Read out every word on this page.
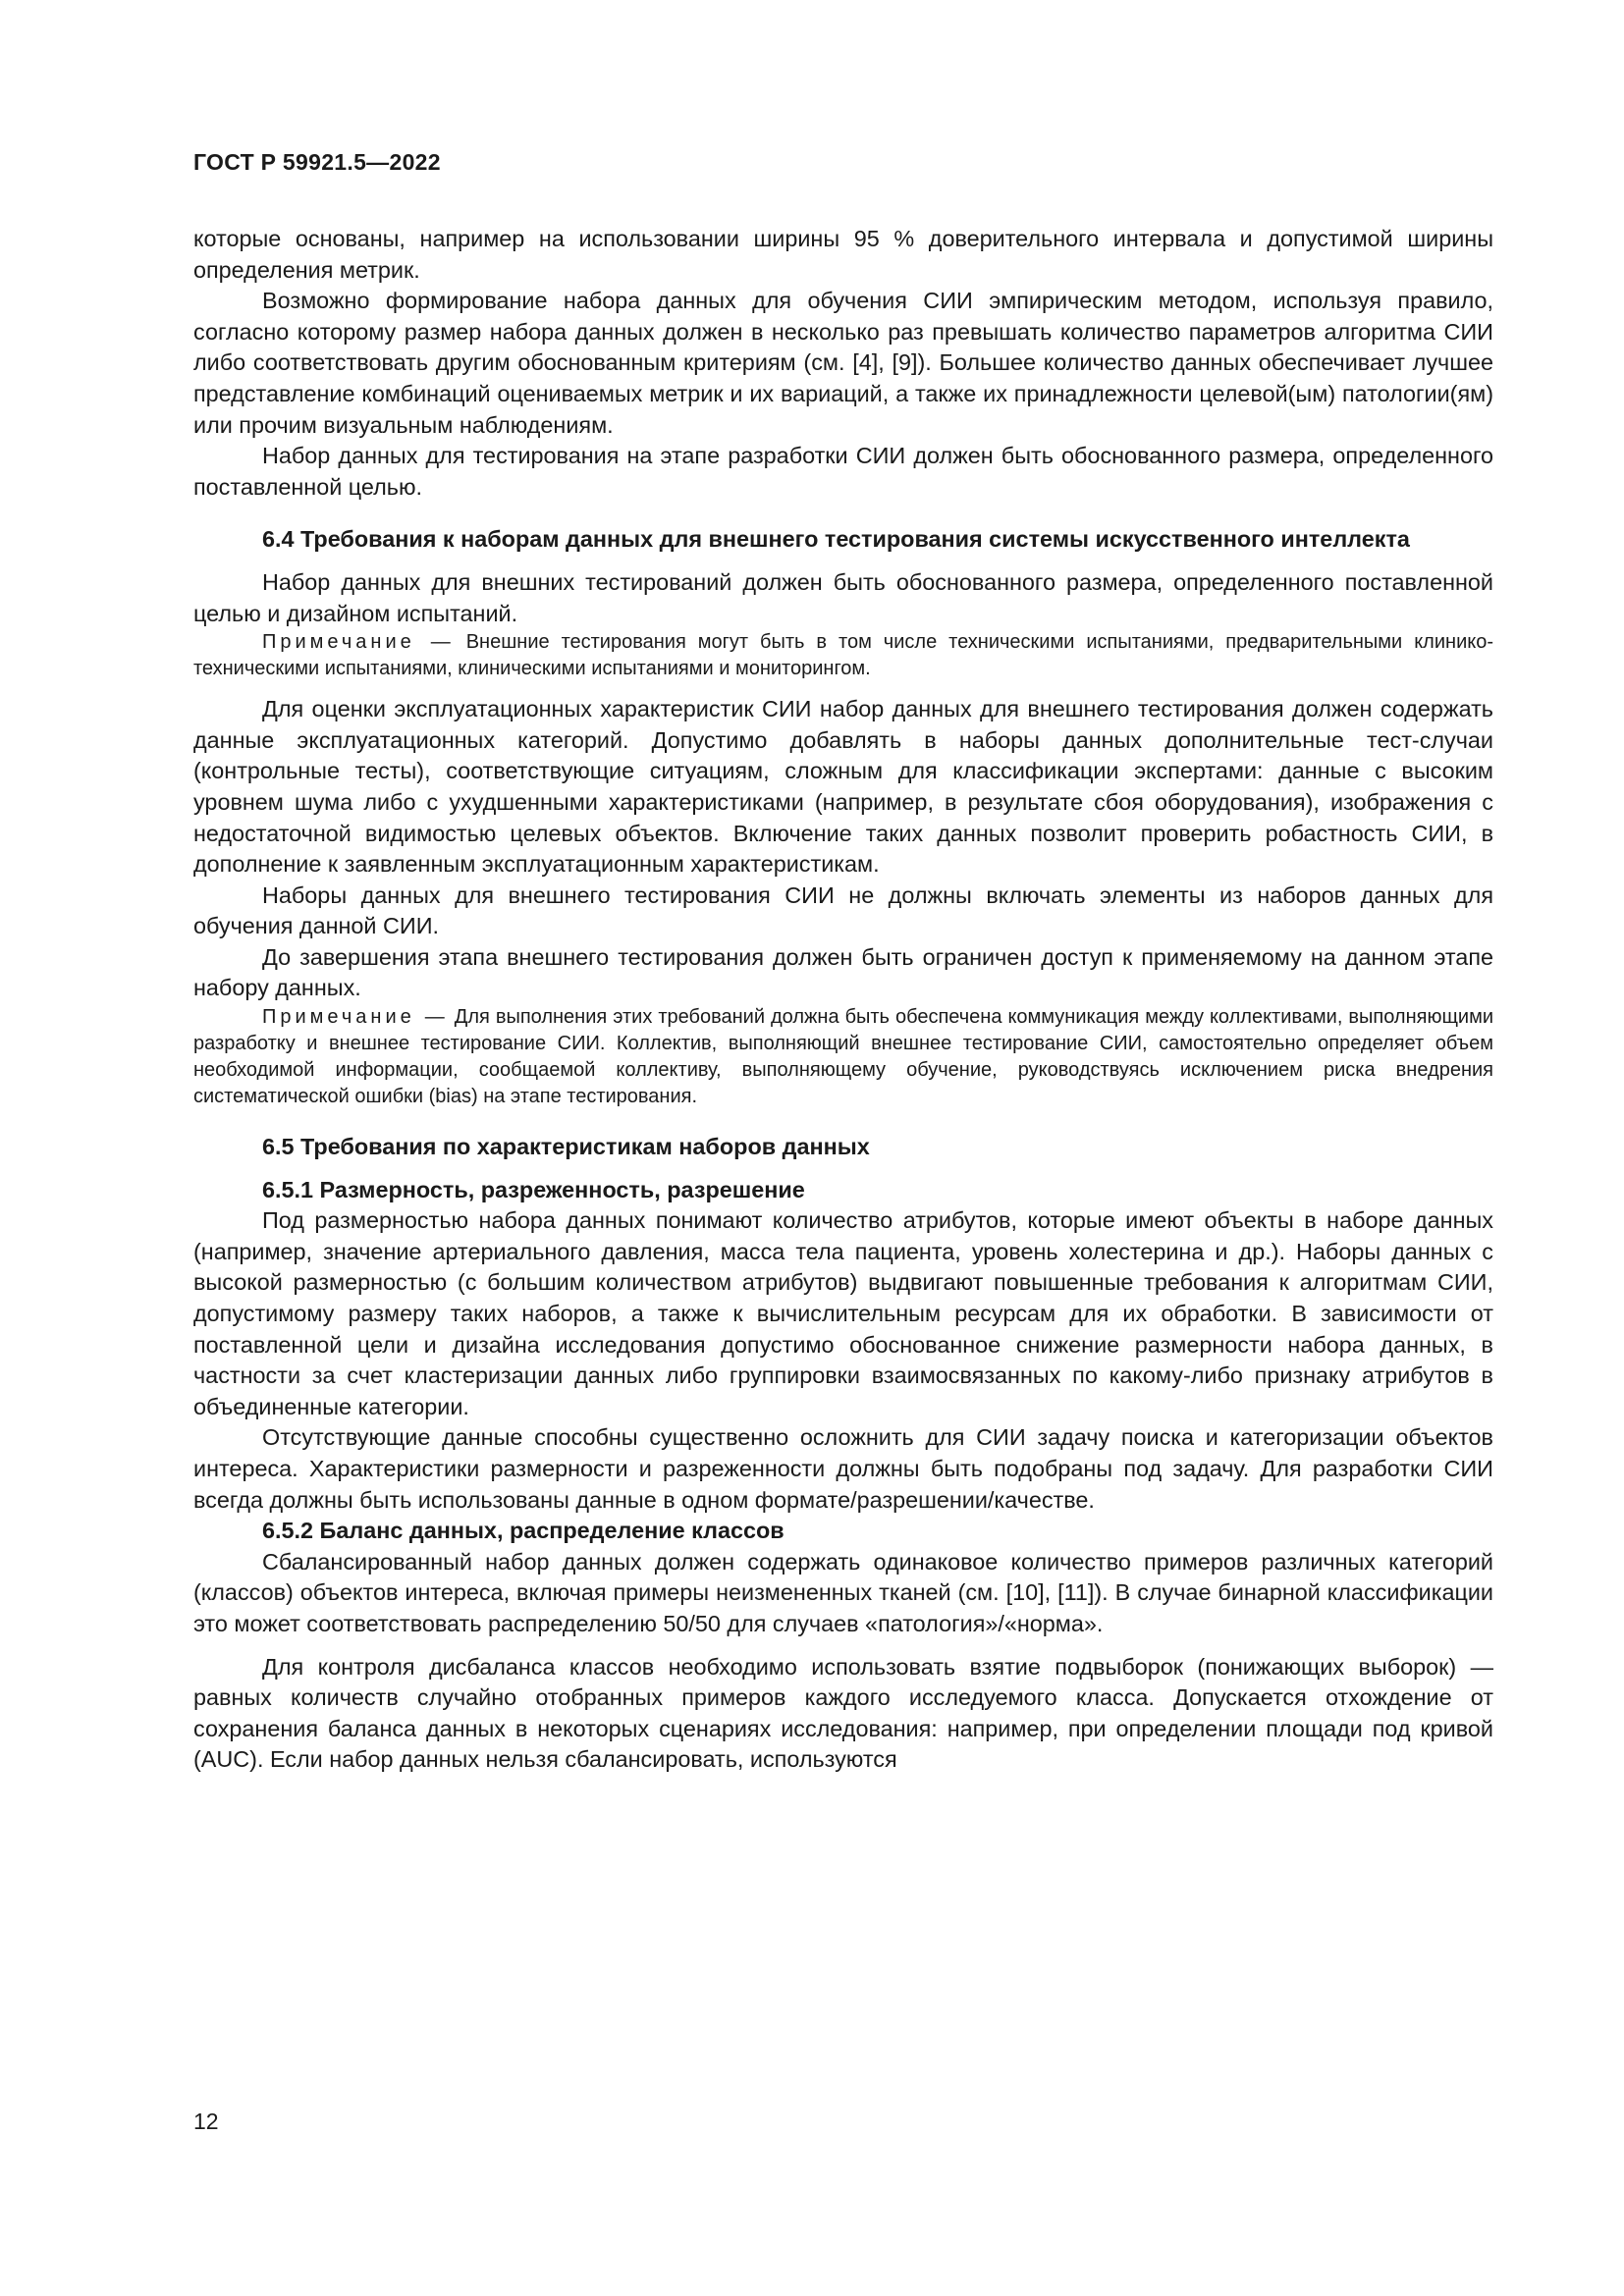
ГОСТ Р 59921.5—2022

которые основаны, например на использовании ширины 95 % доверительного интервала и допустимой ширины определения метрик.

Возможно формирование набора данных для обучения СИИ эмпирическим методом, используя правило, согласно которому размер набора данных должен в несколько раз превышать количество параметров алгоритма СИИ либо соответствовать другим обоснованным критериям (см. [4], [9]). Большее количество данных обеспечивает лучшее представление комбинаций оцениваемых метрик и их вариаций, а также их принадлежности целевой(ым) патологии(ям) или прочим визуальным наблюдениям.

Набор данных для тестирования на этапе разработки СИИ должен быть обоснованного размера, определенного поставленной целью.

6.4 Требования к наборам данных для внешнего тестирования системы искусственного интеллекта

Набор данных для внешних тестирований должен быть обоснованного размера, определенного поставленной целью и дизайном испытаний.

Примечание — Внешние тестирования могут быть в том числе техническими испытаниями, предварительными клинико-техническими испытаниями, клиническими испытаниями и мониторингом.

Для оценки эксплуатационных характеристик СИИ набор данных для внешнего тестирования должен содержать данные эксплуатационных категорий. Допустимо добавлять в наборы данных дополнительные тест-случаи (контрольные тесты), соответствующие ситуациям, сложным для классификации экспертами: данные с высоким уровнем шума либо с ухудшенными характеристиками (например, в результате сбоя оборудования), изображения с недостаточной видимостью целевых объектов. Включение таких данных позволит проверить робастность СИИ, в дополнение к заявленным эксплуатационным характеристикам.

Наборы данных для внешнего тестирования СИИ не должны включать элементы из наборов данных для обучения данной СИИ.

До завершения этапа внешнего тестирования должен быть ограничен доступ к применяемому на данном этапе набору данных.

Примечание — Для выполнения этих требований должна быть обеспечена коммуникация между коллективами, выполняющими разработку и внешнее тестирование СИИ. Коллектив, выполняющий внешнее тестирование СИИ, самостоятельно определяет объем необходимой информации, сообщаемой коллективу, выполняющему обучение, руководствуясь исключением риска внедрения систематической ошибки (bias) на этапе тестирования.
6.5 Требования по характеристикам наборов данных
6.5.1 Размерность, разреженность, разрешение

Под размерностью набора данных понимают количество атрибутов, которые имеют объекты в наборе данных (например, значение артериального давления, масса тела пациента, уровень холестерина и др.). Наборы данных с высокой размерностью (с большим количеством атрибутов) выдвигают повышенные требования к алгоритмам СИИ, допустимому размеру таких наборов, а также к вычислительным ресурсам для их обработки. В зависимости от поставленной цели и дизайна исследования допустимо обоснованное снижение размерности набора данных, в частности за счет кластеризации данных либо группировки взаимосвязанных по какому-либо признаку атрибутов в объединенные категории.

Отсутствующие данные способны существенно осложнить для СИИ задачу поиска и категоризации объектов интереса. Характеристики размерности и разреженности должны быть подобраны под задачу. Для разработки СИИ всегда должны быть использованы данные в одном формате/разрешении/качестве.

6.5.2 Баланс данных, распределение классов

Сбалансированный набор данных должен содержать одинаковое количество примеров различных категорий (классов) объектов интереса, включая примеры неизмененных тканей (см. [10], [11]). В случае бинарной классификации это может соответствовать распределению 50/50 для случаев «патология»/«норма».

Для контроля дисбаланса классов необходимо использовать взятие подвыборок (понижающих выборок) — равных количеств случайно отобранных примеров каждого исследуемого класса. Допускается отхождение от сохранения баланса данных в некоторых сценариях исследования: например, при определении площади под кривой (AUC). Если набор данных нельзя сбалансировать, используются

12
